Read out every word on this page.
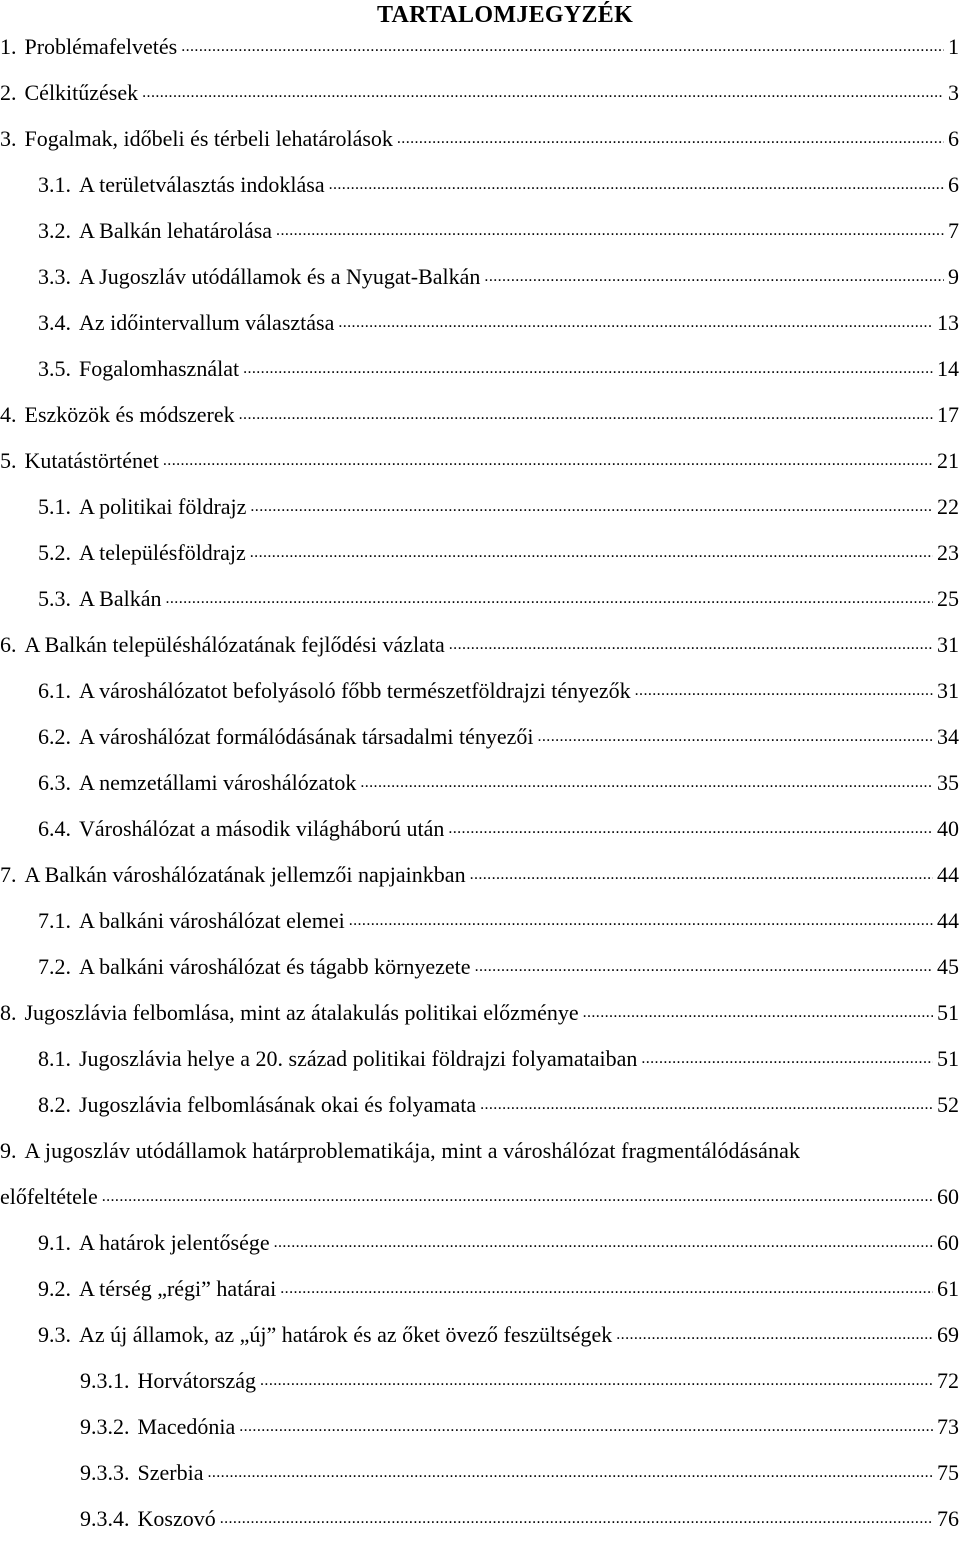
TARTALOMJEGYZÉK
1. Problémafelvetés .....	1
2. Célkitűzések .....	3
3. Fogalmak, időbeli és térbeli lehatárolások .....	6
3.1. A területválasztás indoklása .....	6
3.2. A Balkán lehatárolása .....	7
3.3. A Jugoszláv utódállamok és a Nyugat-Balkán .....	9
3.4. Az időintervallum választása .....	13
3.5. Fogalomhasználat .....	14
4. Eszközök és módszerek .....	17
5. Kutatástörténet .....	21
5.1. A politikai földrajz .....	22
5.2. A településföldrajz .....	23
5.3. A Balkán .....	25
6. A Balkán településhálózatának fejlődési vázlata .....	31
6.1. A városhálózatot befolyásoló főbb természetföldrajzi tényezők .....	31
6.2. A városhálózat formálódásának társadalmi tényezői .....	34
6.3. A nemzetállami városhálózatok .....	35
6.4. Városhálózat a második világháború után .....	40
7. A Balkán városhálózatának jellemzői napjainkban .....	44
7.1. A balkáni városhálózat elemei .....	44
7.2. A balkáni városhálózat és tágabb környezete .....	45
8. Jugoszlávia felbomlása, mint az átalakulás politikai előzménye .....	51
8.1. Jugoszlávia helye a 20. század politikai földrajzi folyamataiban .....	51
8.2. Jugoszlávia felbomlásának okai és folyamata .....	52
9. A jugoszláv utódállamok határproblematikája, mint a városhálózat fragmentálódásának
előfeltétele .....	60
9.1. A határok jelentősége .....	60
9.2. A térség „régi” határai .....	61
9.3. Az új államok, az „új” határok és az őket övező feszültségek .....	69
9.3.1. Horvátország .....	72
9.3.2. Macedónia .....	73
9.3.3. Szerbia .....	75
9.3.4. Koszovó .....	76
